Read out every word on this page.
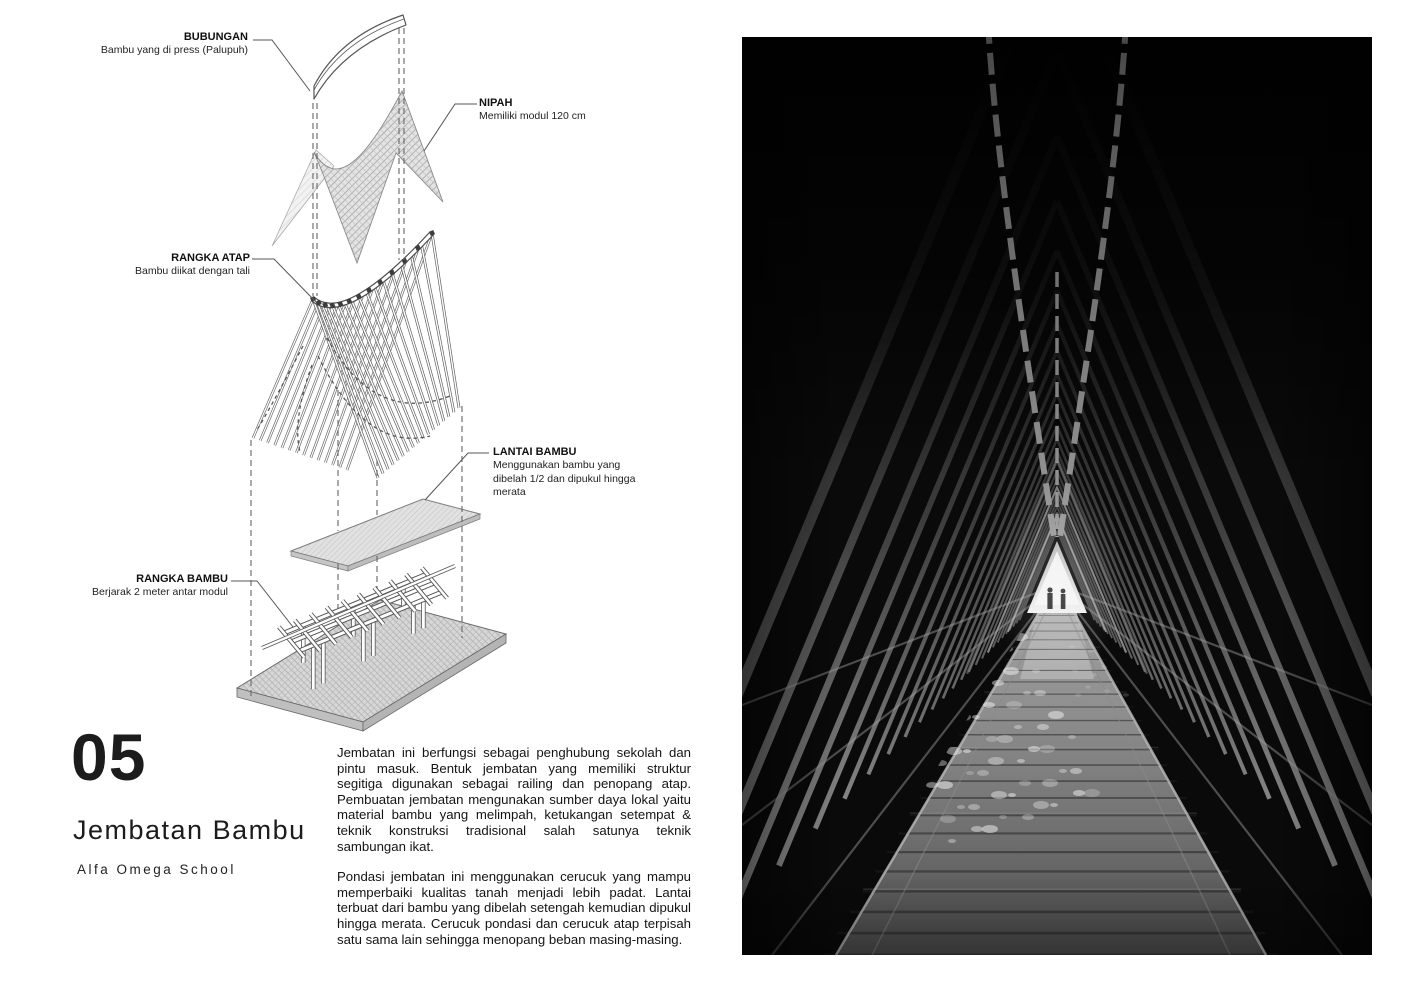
BUBUNGAN
Bambu yang di press (Palupuh)
NIPAH
Memiliki modul 120 cm
RANGKA ATAP
Bambu diikat dengan tali
LANTAI BAMBU
Menggunakan bambu yang dibelah 1/2 dan dipukul hingga merata
RANGKA BAMBU
Berjarak 2 meter antar modul
05
Jembatan Bambu
Alfa Omega School

Jembatan ini berfungsi sebagai penghubung sekolah dan pintu masuk. Bentuk jembatan yang memiliki struktur segitiga digunakan sebagai railing dan penopang atap. Pembuatan jembatan mengunakan sumber daya lokal yaitu material bambu yang melimpah, ketukangan setempat & teknik konstruksi tradisional salah satunya teknik sambungan ikat.

Pondasi jembatan ini menggunakan cerucuk yang mampu memperbaiki kualitas tanah menjadi lebih padat. Lantai terbuat dari bambu yang dibelah setengah kemudian dipukul hingga merata. Cerucuk pondasi dan cerucuk atap terpisah satu sama lain sehingga menopang beban masing-masing.
